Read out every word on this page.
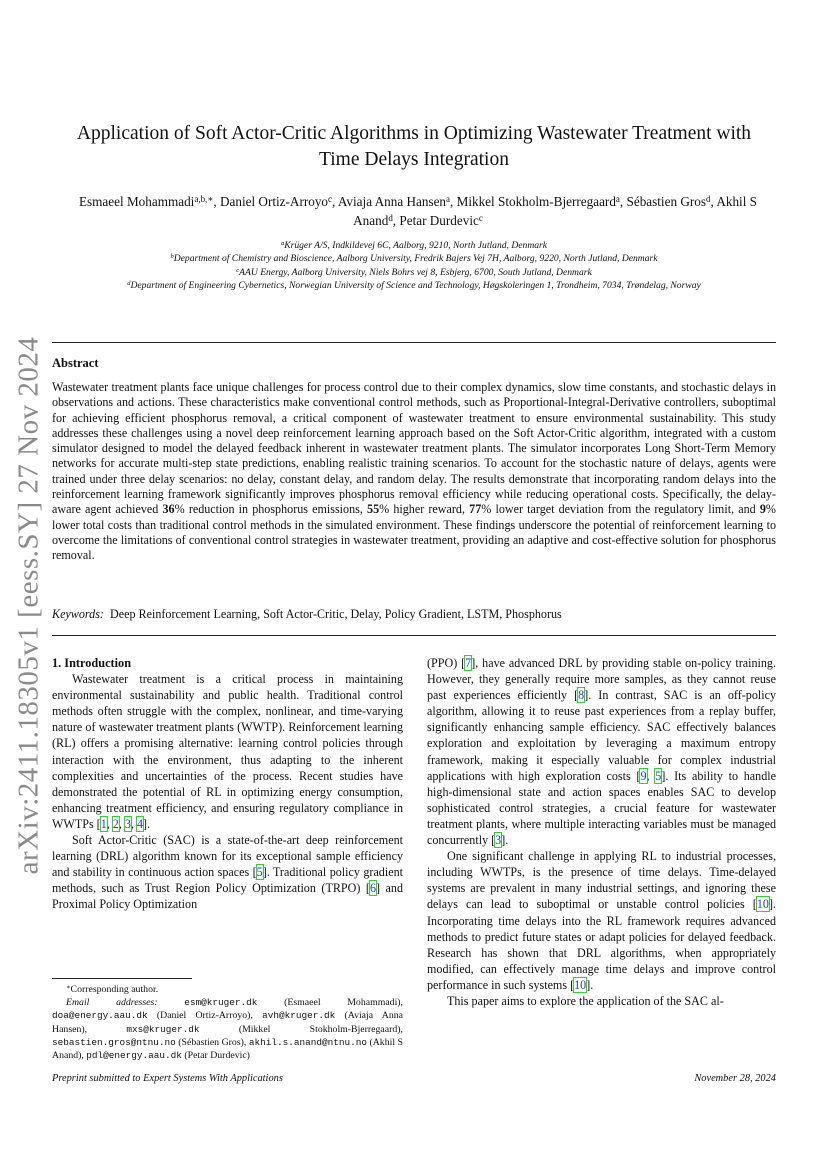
arXiv:2411.18305v1 [eess.SY] 27 Nov 2024
Application of Soft Actor-Critic Algorithms in Optimizing Wastewater Treatment with
Time Delays Integration
Esmaeel Mohammadi$^{a,b,∗}$, Daniel Ortiz-Arroyo$^c$, Aviaja Anna Hansen$^a$, Mikkel Stokholm-Bjerregaard$^a$, Sébastien Gros$^d$, Akhil S Anand$^d$, Petar Durdevic$^c$
$^a$Krüger A/S, Indkildevej 6C, Aalborg, 9210, North Jutland, Denmark
$^b$Department of Chemistry and Bioscience, Aalborg University, Fredrik Bajers Vej 7H, Aalborg, 9220, North Jutland, Denmark
$^c$AAU Energy, Aalborg University, Niels Bohrs vej 8, Esbjerg, 6700, South Jutland, Denmark
$^d$Department of Engineering Cybernetics, Norwegian University of Science and Technology, Høgskoleringen 1, Trondheim, 7034, Trøndelag, Norway
Abstract

Wastewater treatment plants face unique challenges for process control due to their complex dynamics, slow time constants, and stochastic delays in observations and actions. These characteristics make conventional control methods, such as Proportional-Integral-Derivative controllers, suboptimal for achieving efficient phosphorus removal, a critical component of wastewater treatment to ensure environmental sustainability. This study addresses these challenges using a novel deep reinforcement learning approach based on the Soft Actor-Critic algorithm, integrated with a custom simulator designed to model the delayed feedback inherent in wastewater treatment plants. The simulator incorporates Long Short-Term Memory networks for accurate multi-step state predictions, enabling realistic training scenarios. To account for the stochastic nature of delays, agents were trained under three delay scenarios: no delay, constant delay, and random delay. The results demonstrate that incorporating random delays into the reinforcement learning framework significantly improves phosphorus removal efficiency while reducing operational costs. Specifically, the delay-aware agent achieved 36% reduction in phosphorus emissions, 55% higher reward, 77% lower target deviation from the regulatory limit, and 9% lower total costs than traditional control methods in the simulated environment. These findings underscore the potential of reinforcement learning to overcome the limitations of conventional control strategies in wastewater treatment, providing an adaptive and cost-effective solution for phosphorus removal.

Keywords: Deep Reinforcement Learning, Soft Actor-Critic, Delay, Policy Gradient, LSTM, Phosphorus

1. Introduction

Wastewater treatment is a critical process in maintaining environmental sustainability and public health. Traditional control methods often struggle with the complex, nonlinear, and time-varying nature of wastewater treatment plants (WWTP). Reinforcement learning (RL) offers a promising alternative: learning control policies through interaction with the environment, thus adapting to the inherent complexities and uncertainties of the process. Recent studies have demonstrated the potential of RL in optimizing energy consumption, enhancing treatment efficiency, and ensuring regulatory compliance in WWTPs [1, 2, 3, 4].

Soft Actor-Critic (SAC) is a state-of-the-art deep reinforcement learning (DRL) algorithm known for its exceptional sample efficiency and stability in continuous action spaces [5]. Traditional policy gradient methods, such as Trust Region Policy Optimization (TRPO) [6] and Proximal Policy Optimization

(PPO) [7], have advanced DRL by providing stable on-policy training. However, they generally require more samples, as they cannot reuse past experiences efficiently [8]. In contrast, SAC is an off-policy algorithm, allowing it to reuse past experiences from a replay buffer, significantly enhancing sample efficiency. SAC effectively balances exploration and exploitation by leveraging a maximum entropy framework, making it especially valuable for complex industrial applications with high exploration costs [9, 5]. Its ability to handle high-dimensional state and action spaces enables SAC to develop sophisticated control strategies, a crucial feature for wastewater treatment plants, where multiple interacting variables must be managed concurrently [3].

One significant challenge in applying RL to industrial processes, including WWTPs, is the presence of time delays. Time-delayed systems are prevalent in many industrial settings, and ignoring these delays can lead to suboptimal or unstable control policies [10]. Incorporating time delays into the RL framework requires advanced methods to predict future states or adapt policies for delayed feedback. Research has shown that DRL algorithms, when appropriately modified, can effectively manage time delays and improve control performance in such systems [10].

This paper aims to explore the application of the SAC al-

∗Corresponding author.

Email addresses:	esm@kruger.dk (Esmaeel Mohammadi), doa@energy.aau.dk (Daniel Ortiz-Arroyo), avh@kruger.dk (Aviaja Anna Hansen), mxs@kruger.dk (Mikkel Stokholm-Bjerregaard), sebastien.gros@ntnu.no (Sébastien Gros), akhil.s.anand@ntnu.no (Akhil S Anand), pdl@energy.aau.dk (Petar Durdevic)

Preprint submitted to Expert Systems With Applications	November 28, 2024
